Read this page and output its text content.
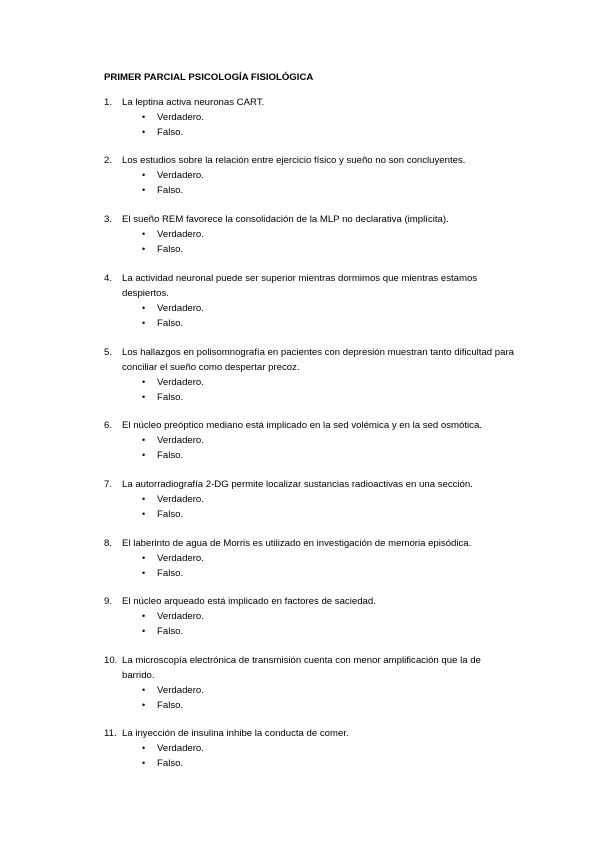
PRIMER PARCIAL PSICOLOGÍA FISIOLÓGICA
1. La leptina activa neuronas CART.
• Verdadero.
• Falso.
2. Los estudios sobre la relación entre ejercicio físico y sueño no son concluyentes.
• Verdadero.
• Falso.
3. El sueño REM favorece la consolidación de la MLP no declarativa (implícita).
• Verdadero.
• Falso.
4. La actividad neuronal puede ser superior mientras dormimos que mientras estamos despiertos.
• Verdadero.
• Falso.
5. Los hallazgos en polisomnografía en pacientes con depresión muestran tanto dificultad para conciliar el sueño como despertar precoz.
• Verdadero.
• Falso.
6. El núcleo preóptico mediano está implicado en la sed volémica y en la sed osmótica.
• Verdadero.
• Falso.
7. La autorradiografía 2-DG permite localizar sustancias radioactivas en una sección.
• Verdadero.
• Falso.
8. El laberinto de agua de Morris es utilizado en investigación de memoria episódica.
• Verdadero.
• Falso.
9. El núcleo arqueado está implicado en factores de saciedad.
• Verdadero.
• Falso.
10. La microscopía electrónica de transmisión cuenta con menor amplificación que la de barrido.
• Verdadero.
• Falso.
11. La inyección de insulina inhibe la conducta de comer.
• Verdadero.
• Falso.
